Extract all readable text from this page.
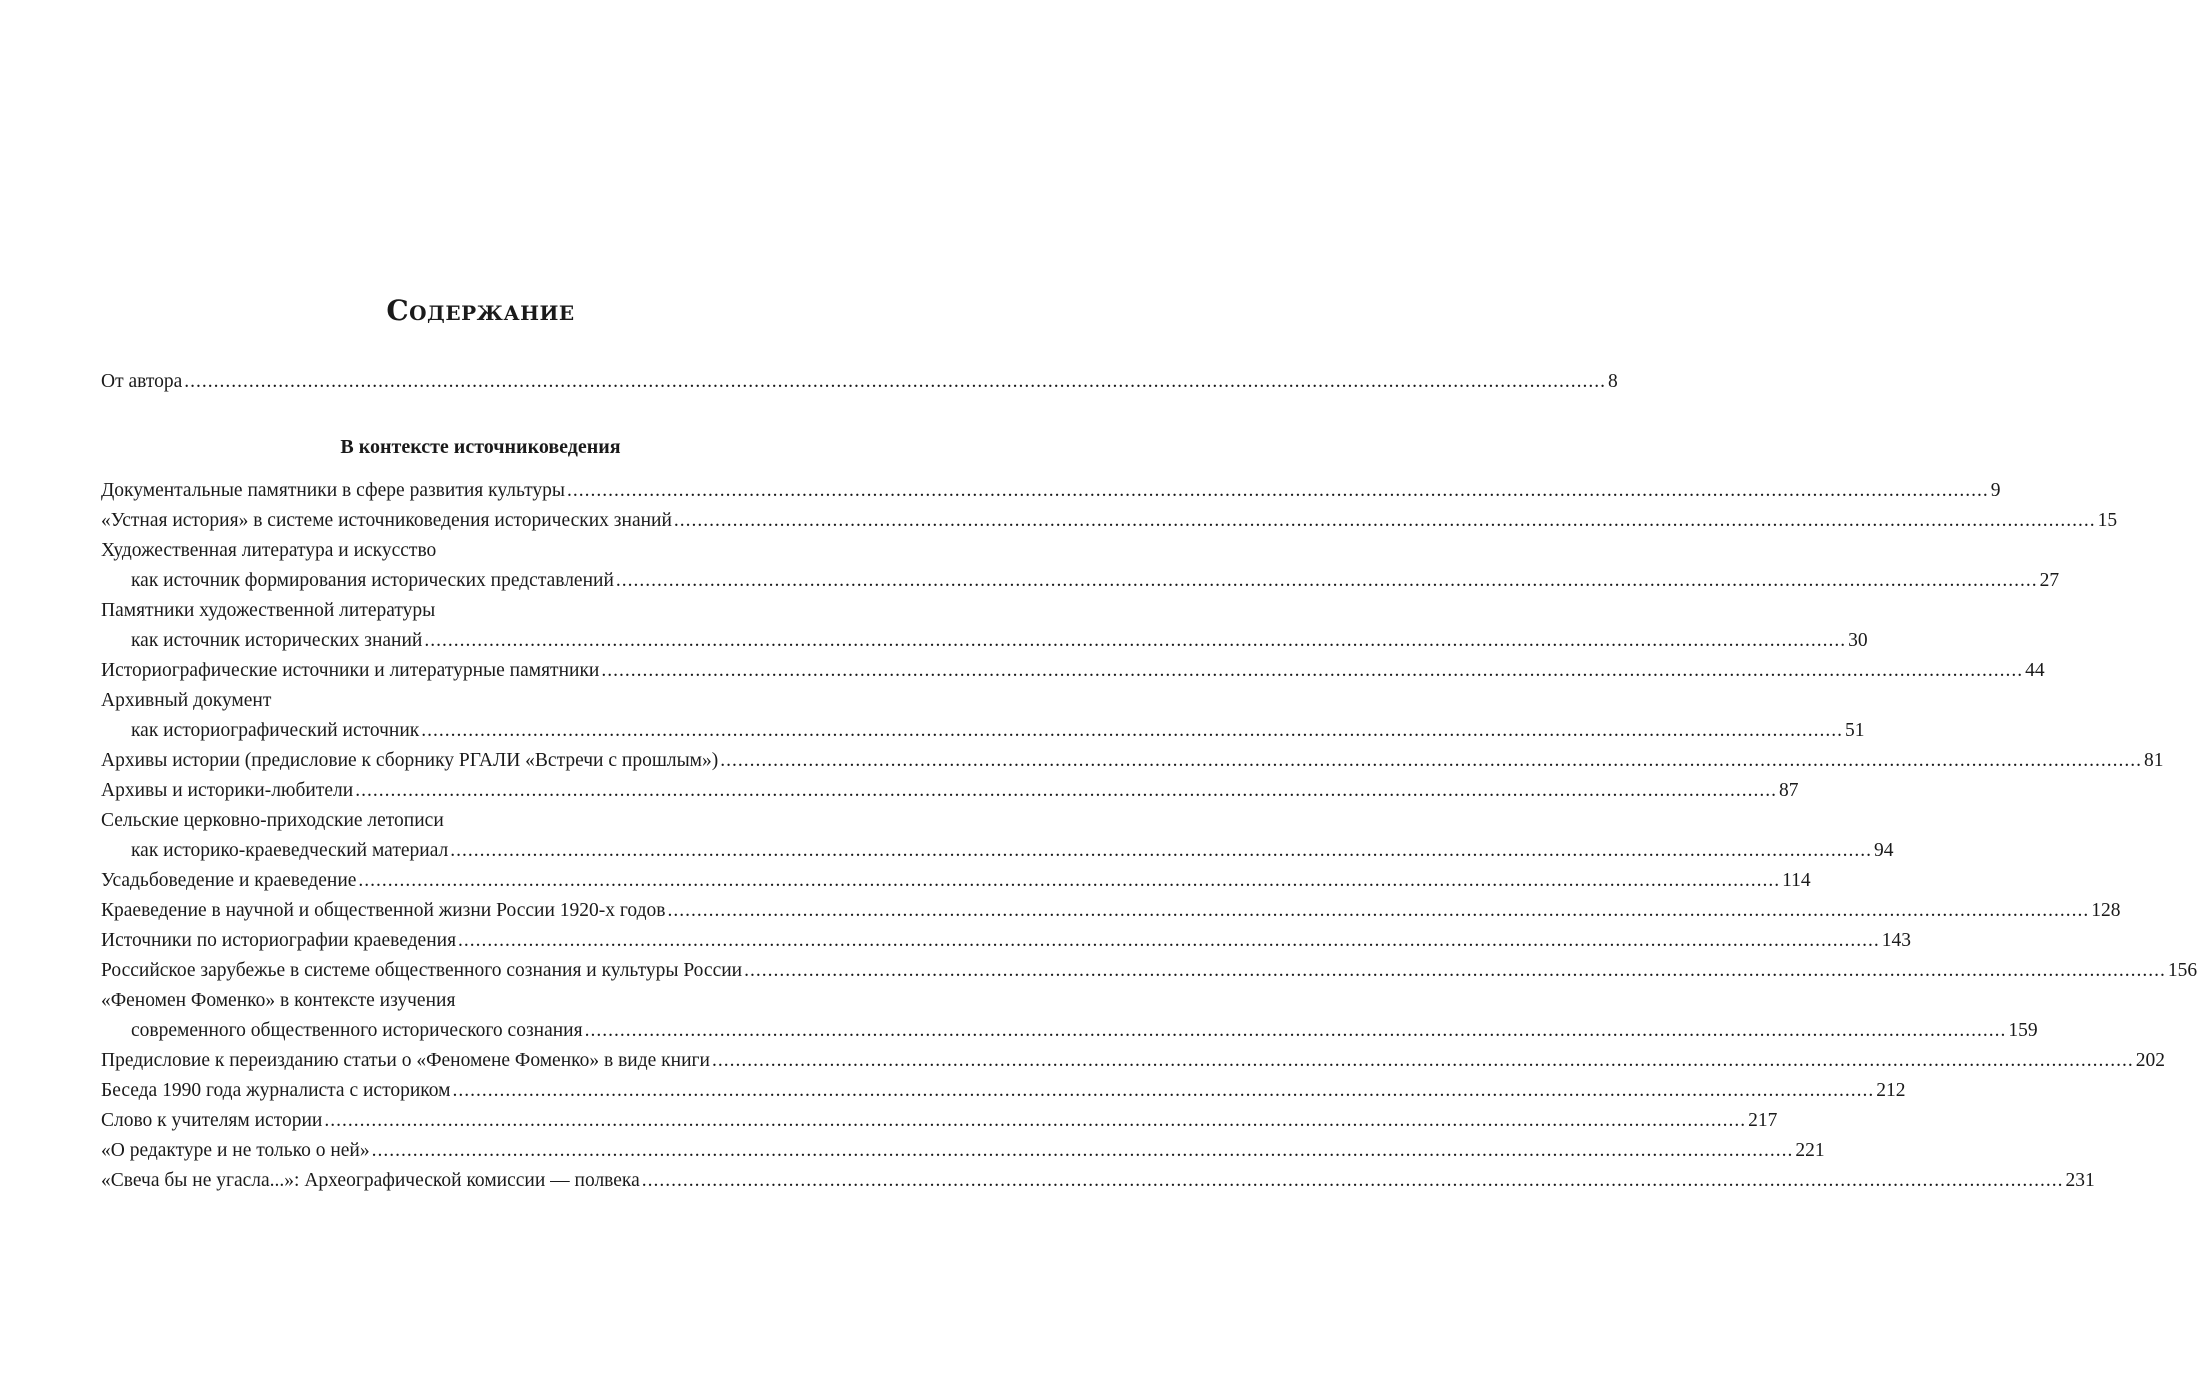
Содержание
От автора .....	8
В контексте источниковедения
Документальные памятники в сфере развития культуры .....	9
«Устная история» в системе источниковедения исторических знаний .....	15
Художественная литература и искусство
как источник формирования исторических представлений .....	27
Памятники художественной литературы
как источник исторических знаний .....	30
Историографические источники и литературные памятники .....	44
Архивный документ
как историографический источник .....	51
Архивы истории (предисловие к сборнику РГАЛИ «Встречи с прошлым») .....	81
Архивы и историки-любители .....	87
Сельские церковно-приходские летописи
как историко-краеведческий материал .....	94
Усадьбоведение и краеведение .....	114
Краеведение в научной и общественной жизни России 1920-х годов .....	128
Источники по историографии краеведения .....	143
Российское зарубежье в системе общественного сознания и культуры России .....	156
«Феномен Фоменко» в контексте изучения
современного общественного исторического сознания .....	159
Предисловие к переизданию статьи о «Феномене Фоменко» в виде книги .....	202
Беседа 1990 года журналиста с историком .....	212
Слово к учителям истории .....	217
«О редактуре и не только о ней» .....	221
«Свеча бы не угасла...»: Археографической комиссии — полвека .....	231
